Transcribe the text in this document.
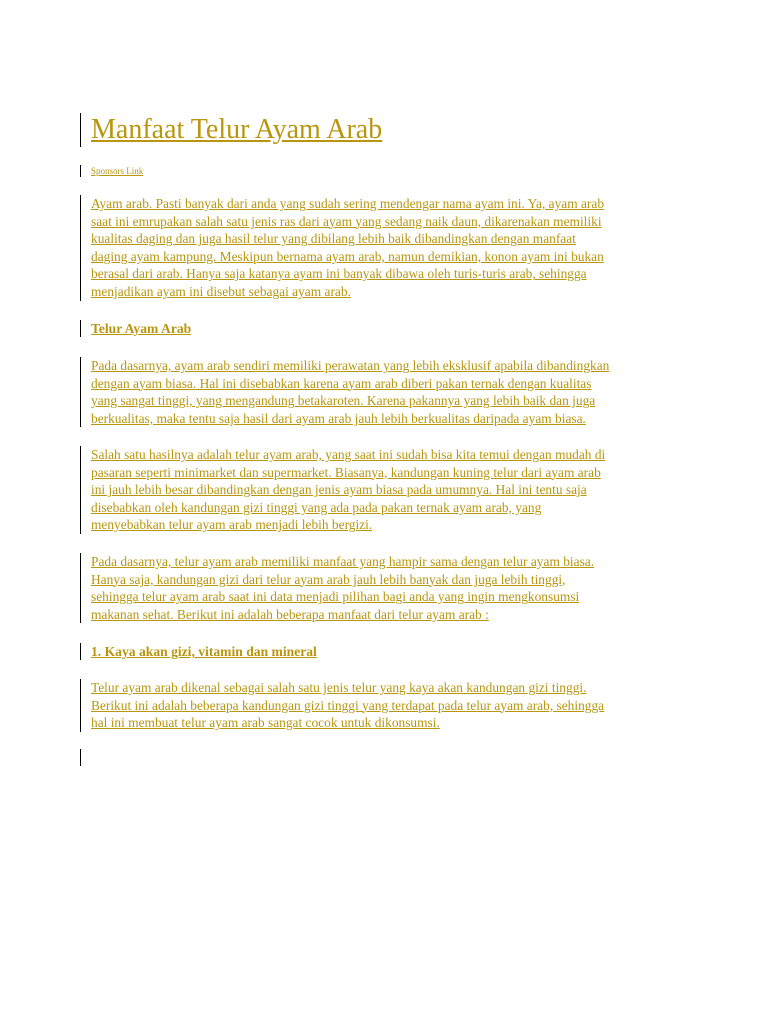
Manfaat Telur Ayam Arab
Sponsors Link
Ayam arab. Pasti banyak dari anda yang sudah sering mendengar nama ayam ini. Ya, ayam arab
saat ini emrupakan salah satu jenis ras dari ayam yang sedang naik daun, dikarenakan memiliki
kualitas daging dan juga hasil telur yang dibilang lebih baik dibandingkan dengan manfaat
daging ayam kampung. Meskipun bernama ayam arab, namun demikian, konon ayam ini bukan
berasal dari arab. Hanya saja katanya ayam ini banyak dibawa oleh turis-turis arab, sehingga
menjadikan ayam ini disebut sebagai ayam arab.
Telur Ayam Arab
Pada dasarnya, ayam arab sendiri memiliki perawatan yang lebih eksklusif apabila dibandingkan
dengan ayam biasa. Hal ini disebabkan karena ayam arab diberi pakan ternak dengan kualitas
yang sangat tinggi, yang mengandung betakaroten. Karena pakannya yang lebih baik dan juga
berkualitas, maka tentu saja hasil dari ayam arab jauh lebih berkualitas daripada ayam biasa.
Salah satu hasilnya adalah telur ayam arab, yang saat ini sudah bisa kita temui dengan mudah di
pasaran seperti minimarket dan supermarket. Biasanya, kandungan kuning telur dari ayam arab
ini jauh lebih besar dibandingkan dengan jenis ayam biasa pada umumnya. Hal ini tentu saja
disebabkan oleh kandungan gizi tinggi yang ada pada pakan ternak ayam arab, yang
menyebabkan telur ayam arab menjadi lebih bergizi.
Pada dasarnya, telur ayam arab memiliki manfaat yang hampir sama dengan telur ayam biasa.
Hanya saja, kandungan gizi dari telur ayam arab jauh lebih banyak dan juga lebih tinggi,
sehingga telur ayam arab saat ini data menjadi pilihan bagi anda yang ingin mengkonsumsi
makanan sehat. Berikut ini adalah beberapa manfaat dari telur ayam arab :
1. Kaya akan gizi, vitamin dan mineral
Telur ayam arab dikenal sebagai salah satu jenis telur yang kaya akan kandungan gizi tinggi.
Berikut ini adalah beberapa kandungan gizi tinggi yang terdapat pada telur ayam arab, sehingga
hal ini membuat telur ayam arab sangat cocok untuk dikonsumsi.
